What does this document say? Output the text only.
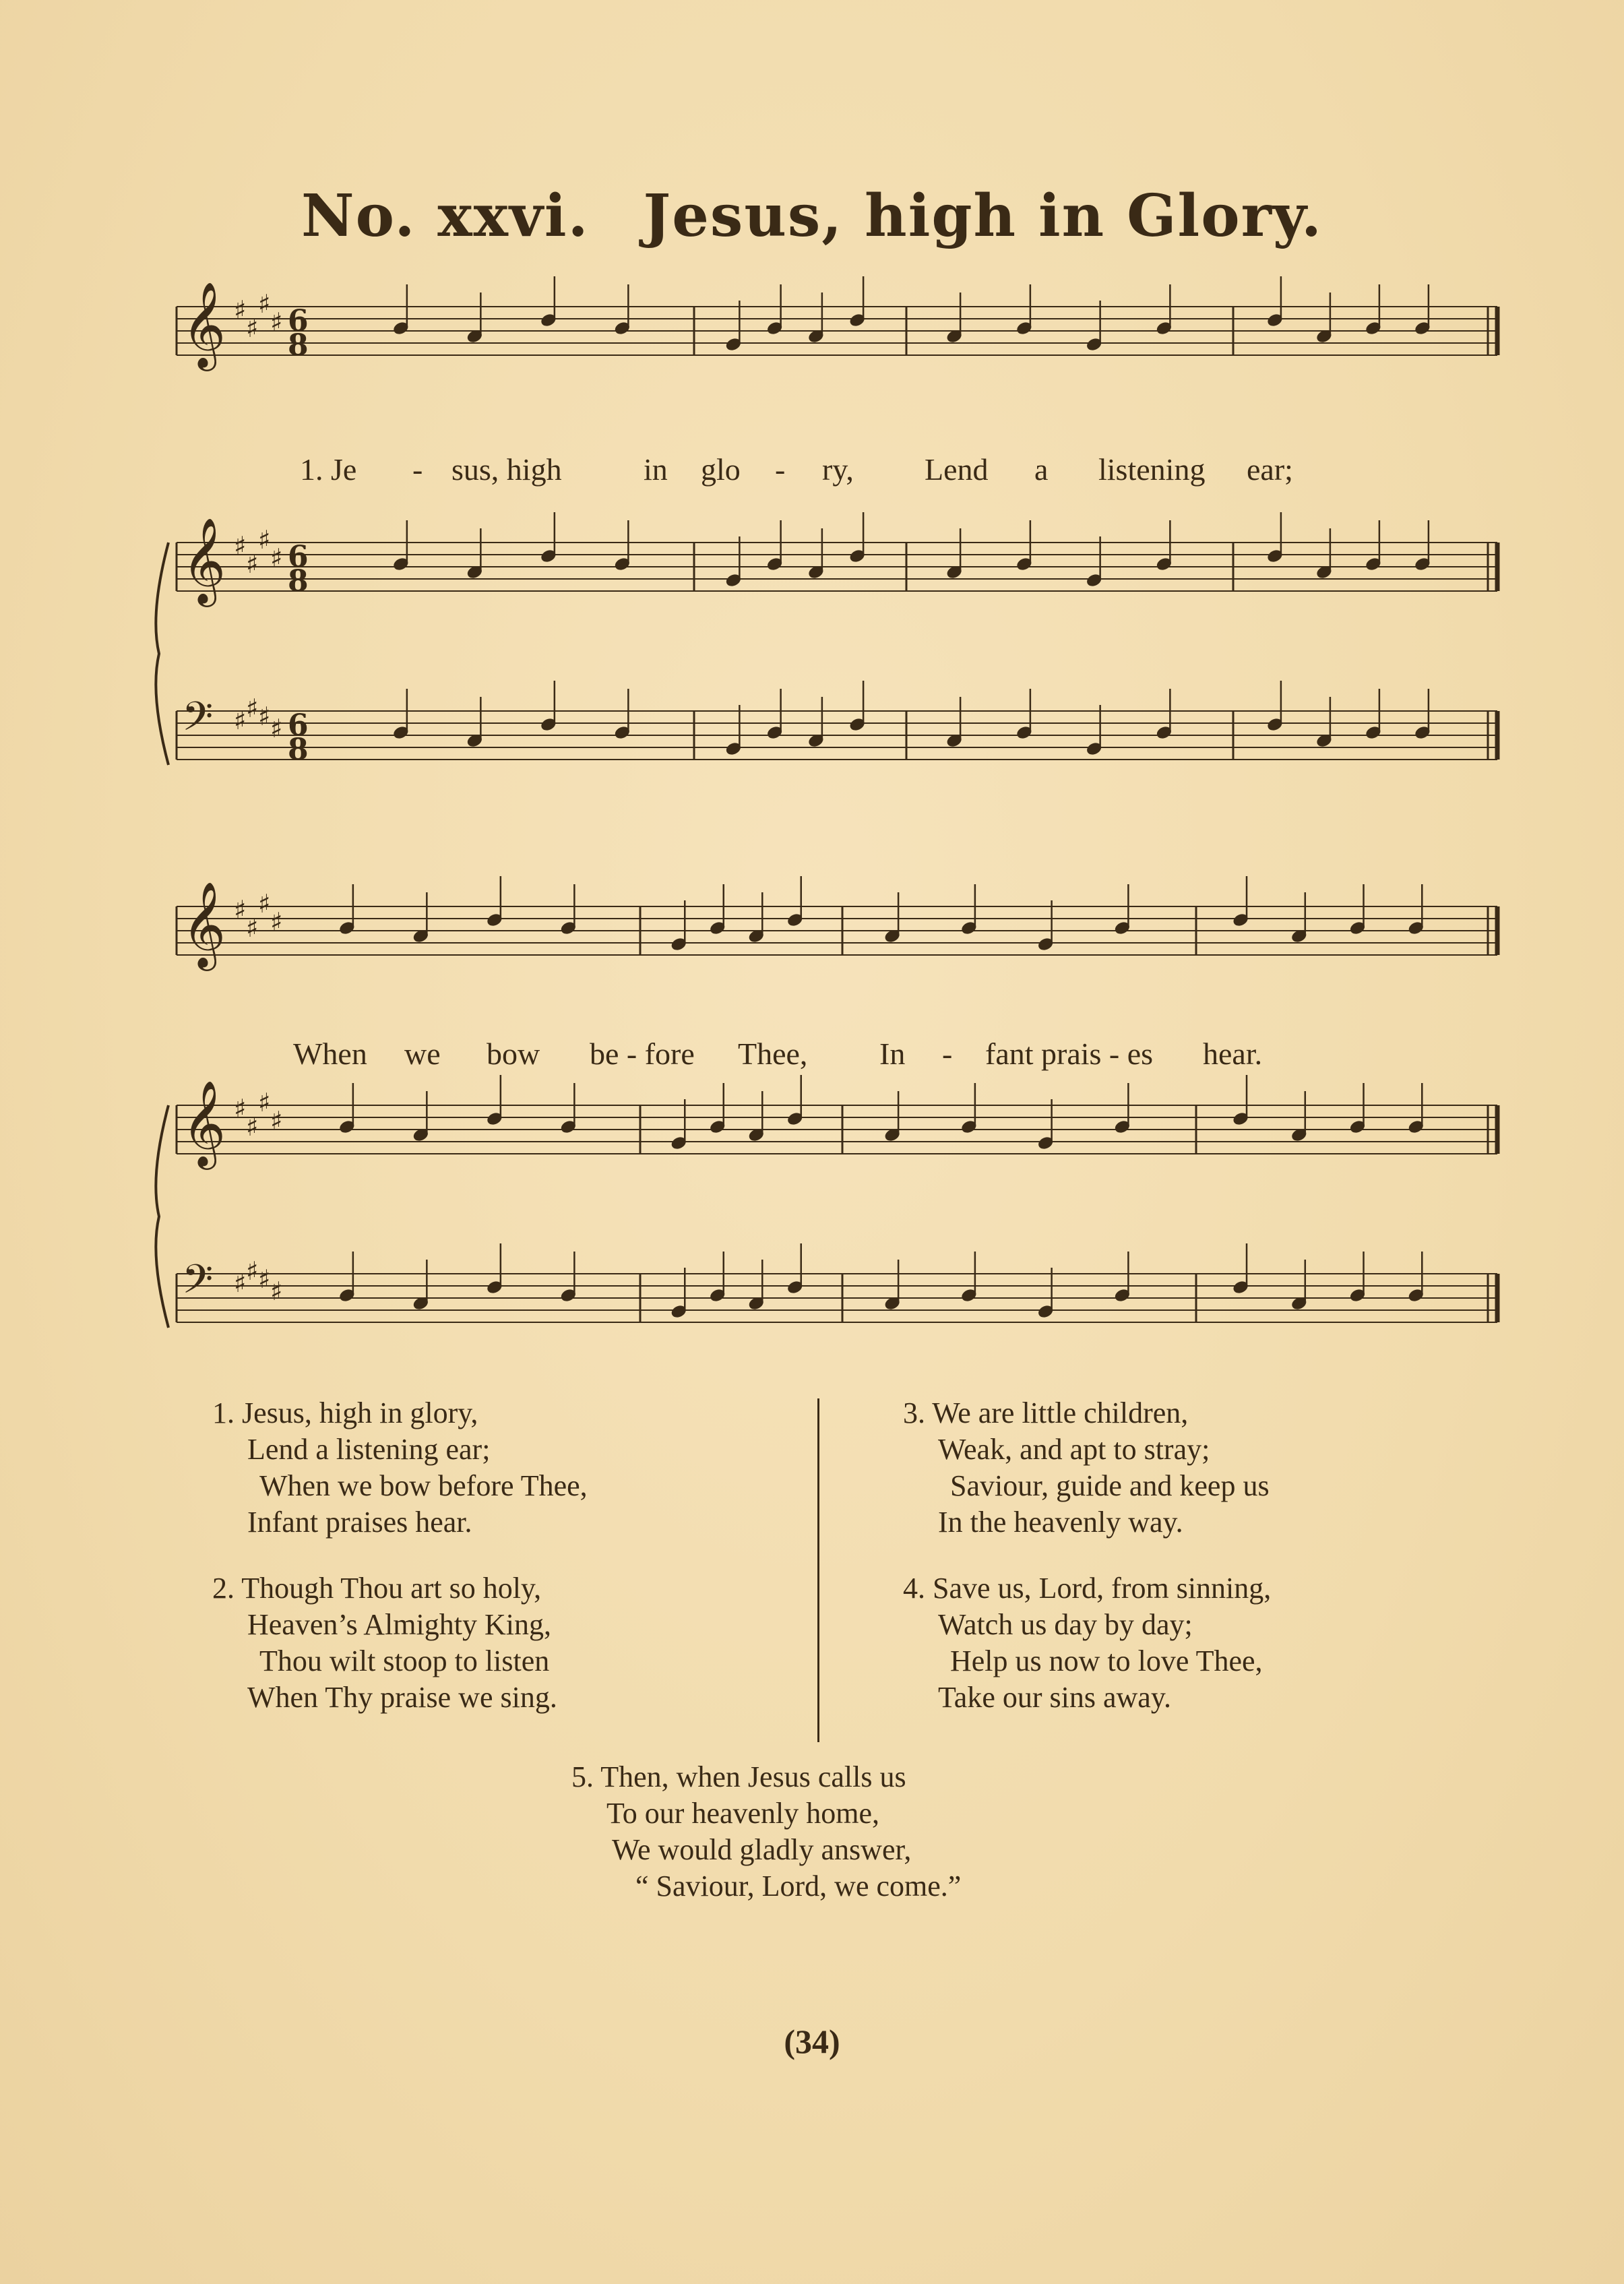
No. xxvi. Jesus, high in Glory.
𝄞 ♯
♯
♯
♯ 6
8
𝄞 ♯
♯
♯
♯ 6
8
𝄢 ♯ ♯ ♯ ♯ 6
8
𝄞 ♯
♯
♯
♯
𝄞 ♯
♯
♯
♯
𝄢 ♯ ♯ ♯ ♯
1. Je - sus, high	in glo - ry, Lend a listening ear;
When we bow be - fore Thee, In - fant prais - es hear.
1. Jesus, high in glory,
Lend a listening ear;
When we bow before Thee,
Infant praises hear.
2. Though Thou art so holy,
Heaven’s Almighty King,
Thou wilt stoop to listen
When Thy praise we sing.
3. We are little children,
Weak, and apt to stray;
Saviour, guide and keep us
In the heavenly way.
4. Save us, Lord, from sinning,
Watch us day by day;
Help us now to love Thee,
Take our sins away.
5. Then, when Jesus calls us
To our heavenly home,
We would gladly answer,
“ Saviour, Lord, we come.”
(34)
